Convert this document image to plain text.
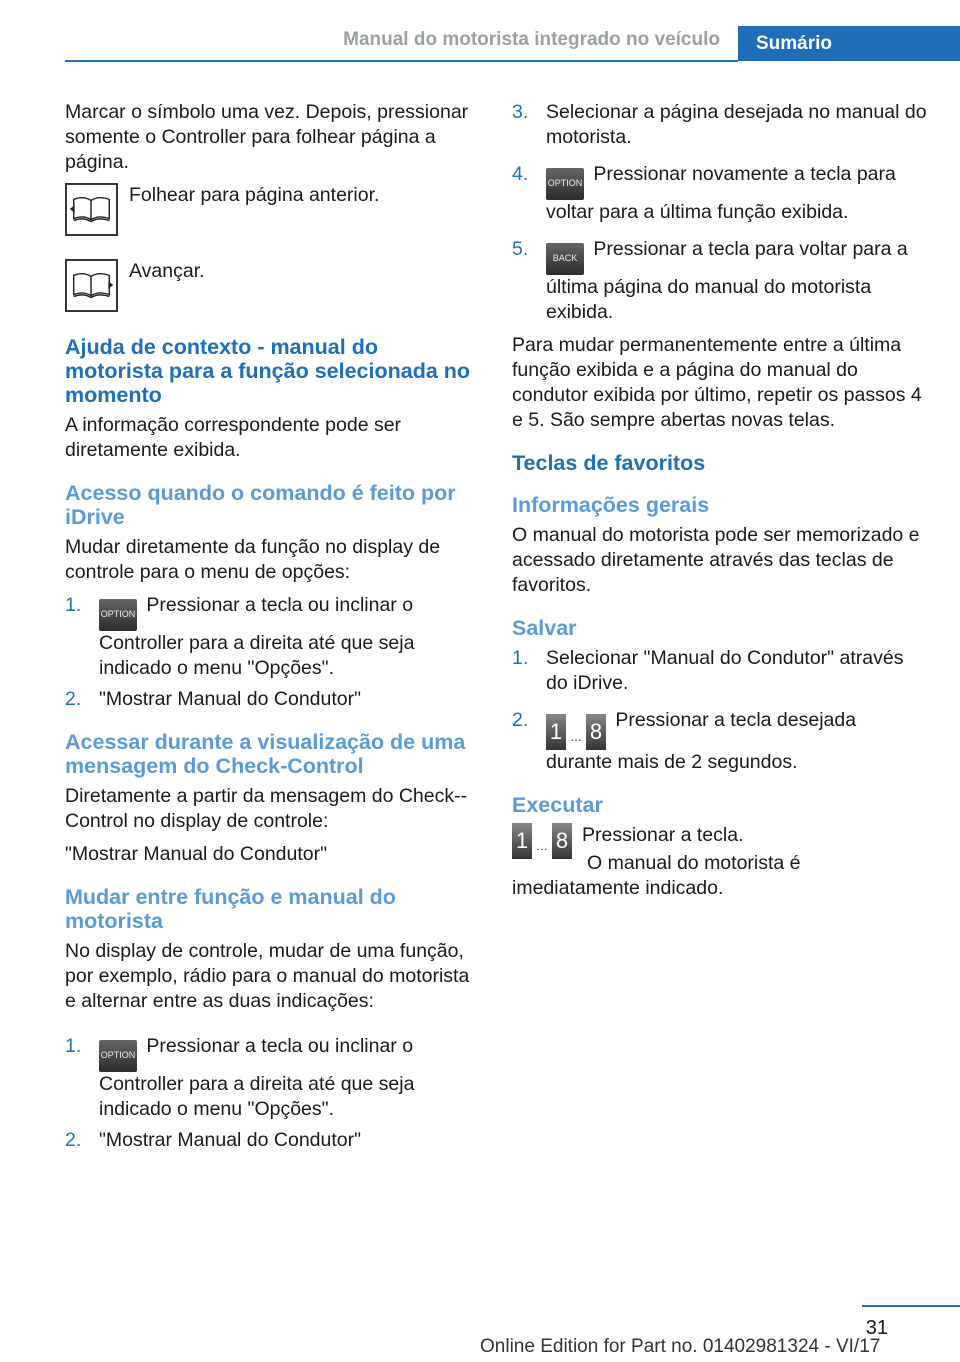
Manual do motorista integrado no veículo	Sumário

Marcar o símbolo uma vez. Depois, pressionar somente o Controller para folhear página a página.

Folhear para página anterior.
Avançar.
Ajuda de contexto - manual do motorista para a função selecionada no momento

A informação correspondente pode ser diretamente exibida.

Acesso quando o comando é feito por iDrive

Mudar diretamente da função no display de controle para o menu de opções:

1. OPTION Pressionar a tecla ou inclinar o Controller para a direita até que seja indicado o menu "Opções".
2. "Mostrar Manual do Condutor"
Acessar durante a visualização de uma mensagem do Check-Control

Diretamente a partir da mensagem do Check--Control no display de controle:

"Mostrar Manual do Condutor"

Mudar entre função e manual do motorista

No display de controle, mudar de uma função, por exemplo, rádio para o manual do motorista e alternar entre as duas indicações:

1. OPTION Pressionar a tecla ou inclinar o Controller para a direita até que seja indicado o menu "Opções".
2. "Mostrar Manual do Condutor"
3. Selecionar a página desejada no manual do motorista.
4. OPTION Pressionar novamente a tecla para voltar para a última função exibida.
5.	BACK Pressionar a tecla para voltar para a última página do manual do motorista exibida.

Para mudar permanentemente entre a última função exibida e a página do manual do condutor exibida por último, repetir os passos 4 e 5. São sempre abertas novas telas.

Teclas de favoritos
Informações gerais

O manual do motorista pode ser memorizado e acessado diretamente através das teclas de favoritos.

Salvar
1. Selecionar "Manual do Condutor" através do iDrive.
2. 1 … 8 Pressionar a tecla desejada durante mais de 2 segundos.
Executar
1 … 8 Pressionar a tecla.

O manual do motorista é imediatamente indicado.

31
Online Edition for Part no. 01402981324 - VI/17
